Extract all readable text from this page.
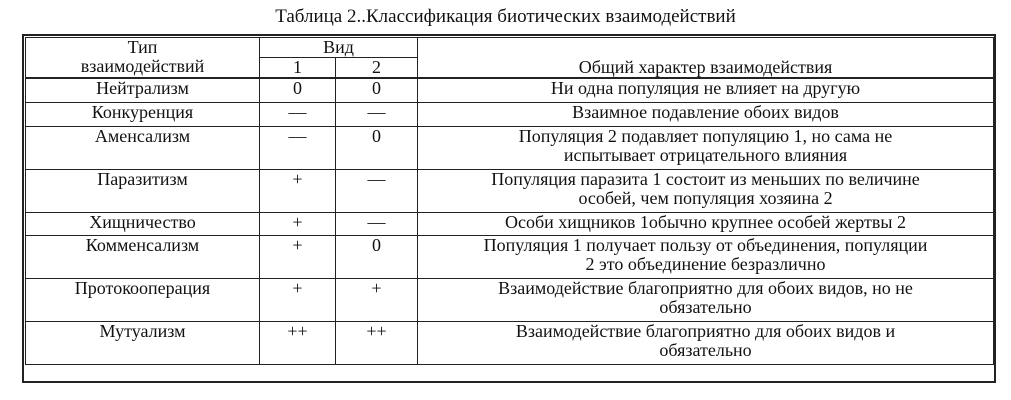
Таблица 2..Классификация биотических взаимодействий
Тип
взаимодействий	Вид		Общий характер взаимодействия
	1	2	
Нейтрализм	0	0	Ни одна популяция не влияет на другую

Конкуренция	—	—	Взаимное подавление обоих видов

Аменсализм	—	0	Популяция 2 подавляет популяцию 1, но сама не
испытывает отрицательного влияния

Паразитизм	+	—	Популяция паразита 1 состоит из меньших по величине
особей, чем популяция хозяина 2

Хищничество	+	—	Особи хищников 1обычно крупнее особей жертвы 2

Комменсализм	+	0	Популяция 1 получает пользу от объединения, популяции
2 это объединение безразлично

Протокооперация	+	+	Взаимодействие благоприятно для обоих видов, но не
обязательно

Мутуализм	++	++	Взаимодействие благоприятно для обоих видов и
обязательно
